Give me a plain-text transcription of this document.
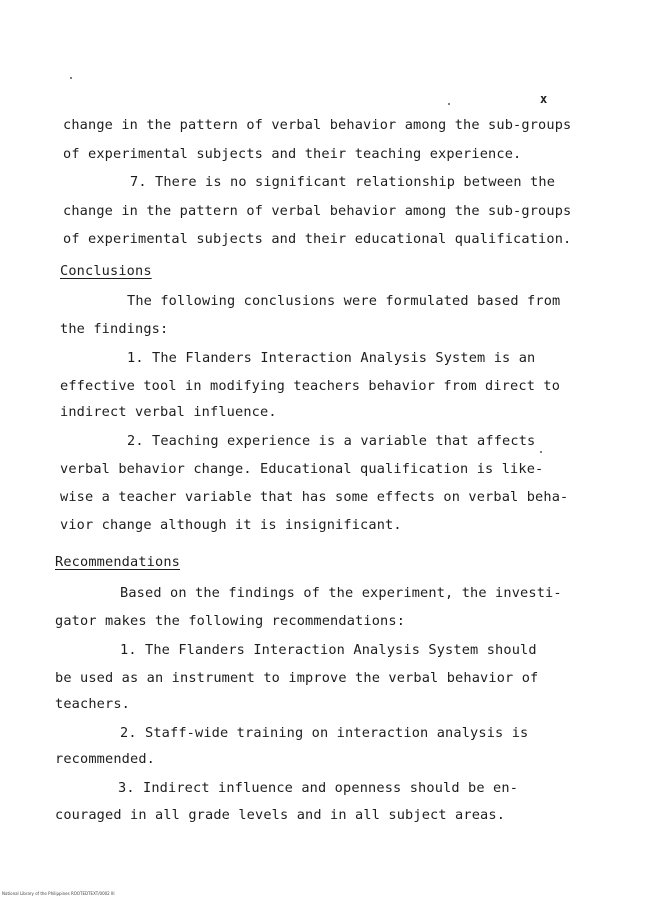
x
change in the pattern of verbal behavior among the sub-groups
of experimental subjects and their teaching experience.
7. There is no significant relationship between the
change in the pattern of verbal behavior among the sub-groups
of experimental subjects and their educational qualification.
Conclusions
The following conclusions were formulated based from
the findings:
1. The Flanders Interaction Analysis System is an
effective tool in modifying teachers behavior from direct to
indirect verbal influence.
2. Teaching experience is a variable that affects
verbal behavior change. Educational qualification is like-
wise a teacher variable that has some effects on verbal beha-
vior change although it is insignificant.
Recommendations
Based on the findings of the experiment, the investi-
gator makes the following recommendations:
1. The Flanders Interaction Analysis System should
be used as an instrument to improve the verbal behavior of
teachers.
2. Staff-wide training on interaction analysis is
recommended.
3. Indirect influence and openness should be en-
couraged in all grade levels and in all subject areas.
National Library of the Philippines ROOTEDTEXT/0002 III
